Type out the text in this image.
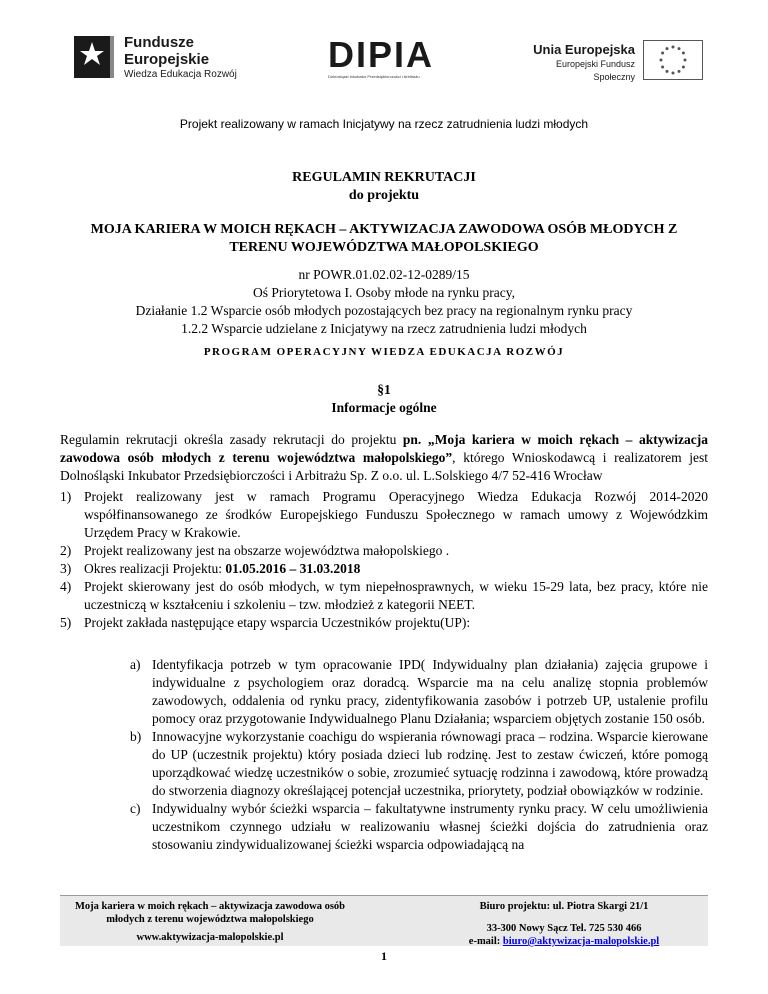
Fundusze
Europejskie
Wiedza Edukacja Rozwój	DIPIA
Dolnośląski Inkubator Przedsiębiorczości i Arbitrażu
Unia Europejska
Europejski Fundusz Społeczny
Projekt realizowany w ramach Inicjatywy na rzecz zatrudnienia ludzi młodych
REGULAMIN REKRUTACJI
do projektu
MOJA KARIERA W MOICH RĘKACH – AKTYWIZACJA ZAWODOWA OSÓB MŁODYCH Z
TERENU WOJEWÓDZTWA MAŁOPOLSKIEGO
nr POWR.01.02.02-12-0289/15
Oś Priorytetowa I. Osoby młode na rynku pracy,
Działanie 1.2 Wsparcie osób młodych pozostających bez pracy na regionalnym rynku pracy
1.2.2 Wsparcie udzielane z Inicjatywy na rzecz zatrudnienia ludzi młodych
PROGRAM OPERACYJNY WIEDZA EDUKACJA ROZWÓJ
§1
Informacje ogólne
Regulamin rekrutacji określa zasady rekrutacji do projektu pn. „Moja kariera w moich rękach – aktywizacja zawodowa osób młodych z terenu województwa małopolskiego”, którego Wnioskodawcą i realizatorem jest Dolnośląski Inkubator Przedsiębiorczości i Arbitrażu Sp. Z o.o. ul. L.Solskiego 4/7 52-416 Wrocław
1) Projekt realizowany jest w ramach Programu Operacyjnego Wiedza Edukacja Rozwój 2014-2020 współfinansowanego ze środków Europejskiego Funduszu Społecznego w ramach umowy z Wojewódzkim Urzędem Pracy w Krakowie.
2) Projekt realizowany jest na obszarze województwa małopolskiego .
3) Okres realizacji Projektu: 01.05.2016 – 31.03.2018
4) Projekt skierowany jest do osób młodych, w tym niepełnosprawnych, w wieku 15-29 lata, bez pracy, które nie uczestniczą w kształceniu i szkoleniu – tzw. młodzież z kategorii NEET.
5) Projekt zakłada następujące etapy wsparcia Uczestników projektu(UP):
a) Identyfikacja potrzeb w tym opracowanie IPD( Indywidualny plan działania) zajęcia grupowe i indywidualne z psychologiem oraz doradcą. Wsparcie ma na celu analizę stopnia problemów zawodowych, oddalenia od rynku pracy, zidentyfikowania zasobów i potrzeb UP, ustalenie profilu pomocy oraz przygotowanie Indywidualnego Planu Działania; wsparciem objętych zostanie 150 osób.
b) Innowacyjne wykorzystanie coachigu do wspierania równowagi praca – rodzina. Wsparcie kierowane do UP (uczestnik projektu) który posiada dzieci lub rodzinę. Jest to zestaw ćwiczeń, które pomogą uporządkować wiedzę uczestników o sobie, zrozumieć sytuację rodzinna i zawodową, które prowadzą do stworzenia diagnozy określającej potencjał uczestnika, priorytety, podział obowiązków w rodzinie.
c) Indywidualny wybór ścieżki wsparcia – fakultatywne instrumenty rynku pracy. W celu umożliwienia uczestnikom czynnego udziału w realizowaniu własnej ścieżki dojścia do zatrudnienia oraz stosowaniu zindywidualizowanej ścieżki wsparcia odpowiadającą na
Moja kariera w moich rękach – aktywizacja zawodowa osób
młodych z terenu województwa małopolskiego
www.aktywizacja-malopolskie.pl
Biuro projektu: ul. Piotra Skargi 21/1
33-300 Nowy Sącz Tel. 725 530 466
e-mail: biuro@aktywizacja-malopolskie.pl
1
